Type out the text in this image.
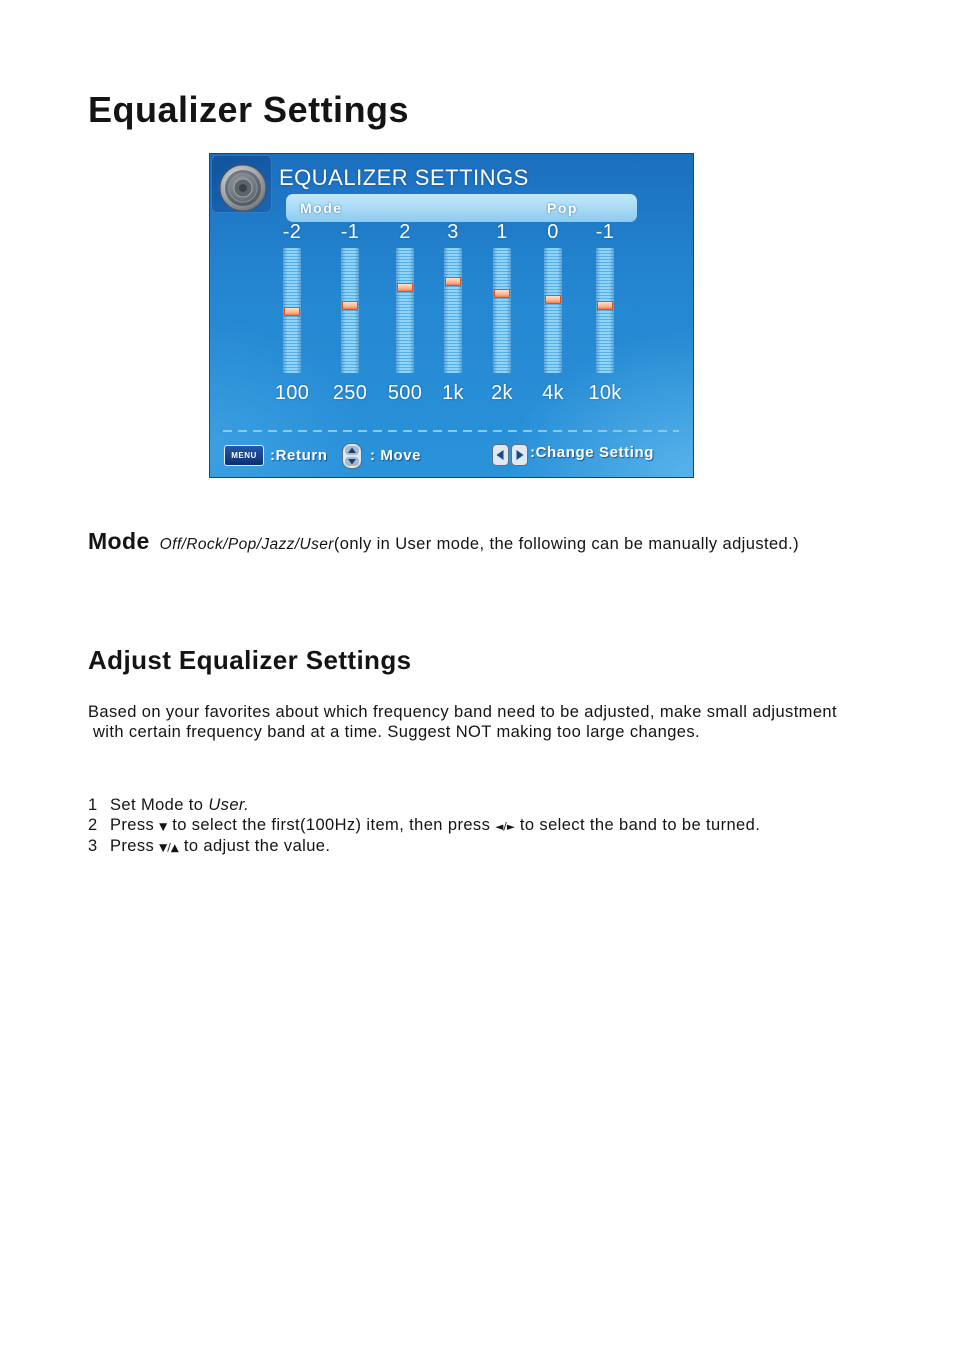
Equalizer Settings
EQUALIZER SETTINGS
Mode	Pop
-2
100
-1
250
2
500
3
1k
1
2k
0
4k
-1
10k
MENU :Return	: Move	:Change Setting
Mode Off/Rock/Pop/Jazz/User(only in User mode, the following can be manually adjusted.)
Adjust Equalizer Settings
Based on your favorites about which frequency band need to be adjusted, make small adjustment
with certain frequency band at a time. Suggest NOT making too large changes.
1 Set Mode to User.
2 Press ▼ to select the first(100Hz) item, then press ◄/► to select the band to be turned.
3 Press ▼/▲ to adjust the value.
